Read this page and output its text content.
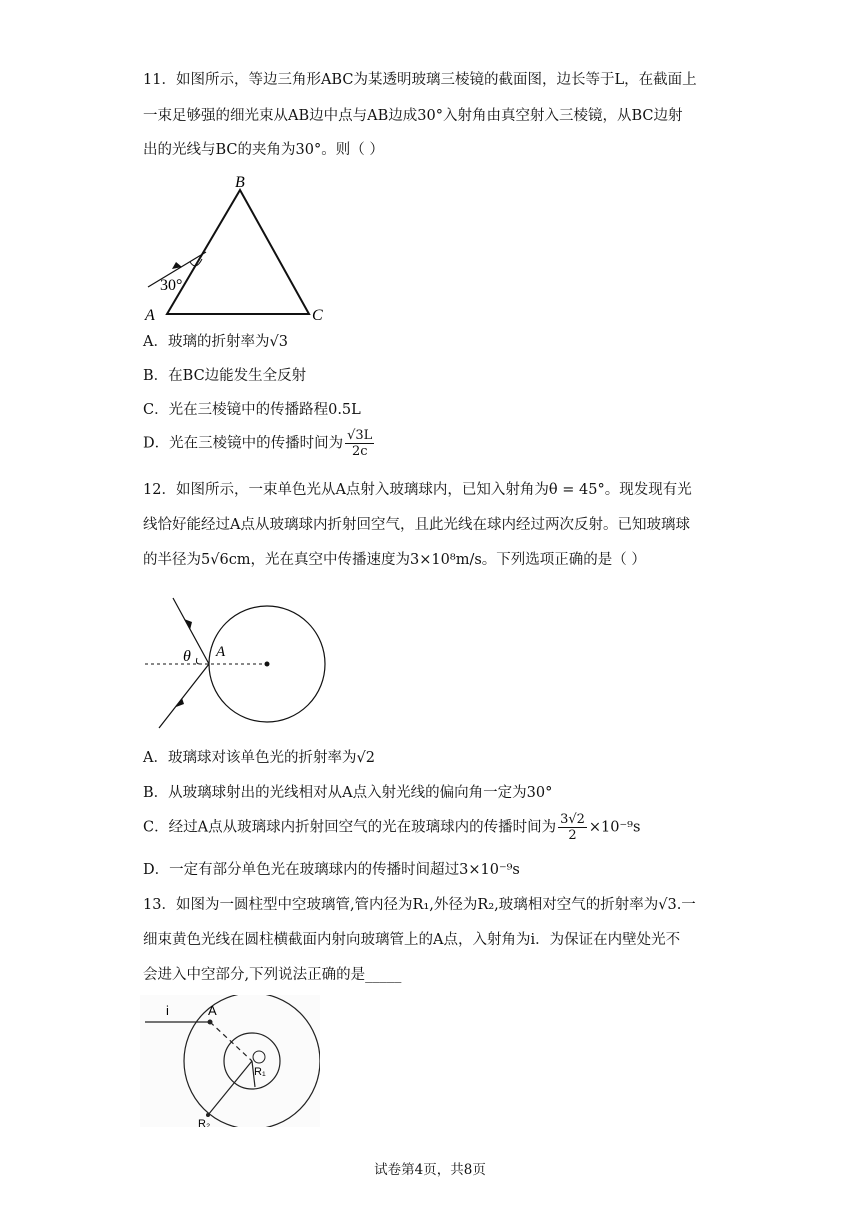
11．如图所示，等边三角形ABC为某透明玻璃三棱镜的截面图，边长等于L，在截面上
一束足够强的细光束从AB边中点与AB边成30°入射角由真空射入三棱镜，从BC边射
出的光线与BC的夹角为30°。则（ ）
B
A	C
30°
A．玻璃的折射率为√3
B．在BC边能发生全反射
C．光在三棱镜中的传播路程0.5L
D．光在三棱镜中的传播时间为 $\frac{√3L}{2c}$
12．如图所示，一束单色光从A点射入玻璃球内，已知入射角为θ = 45°。现发现有光
线恰好能经过A点从玻璃球内折射回空气，且此光线在球内经过两次反射。已知玻璃球
的半径为5√6cm，光在真空中传播速度为3×10⁸m/s。下列选项正确的是（ ）
θ A
A．玻璃球对该单色光的折射率为√2
B．从玻璃球射出的光线相对从A点入射光线的偏向角一定为30°
C．经过A点从玻璃球内折射回空气的光在玻璃球内的传播时间为 $\frac{3√2}{2} \times 10^{-9}s$
D．一定有部分单色光在玻璃球内的传播时间超过3×10⁻⁹s
13．如图为一圆柱型中空玻璃管,管内径为R₁,外径为R₂,玻璃相对空气的折射率为√3.一
细束黄色光线在圆柱横截面内射向玻璃管上的A点，入射角为i．为保证在内壁处光不
会进入中空部分,下列说法正确的是_____
i	A
R₁
R₂
试卷第4页，共8页
